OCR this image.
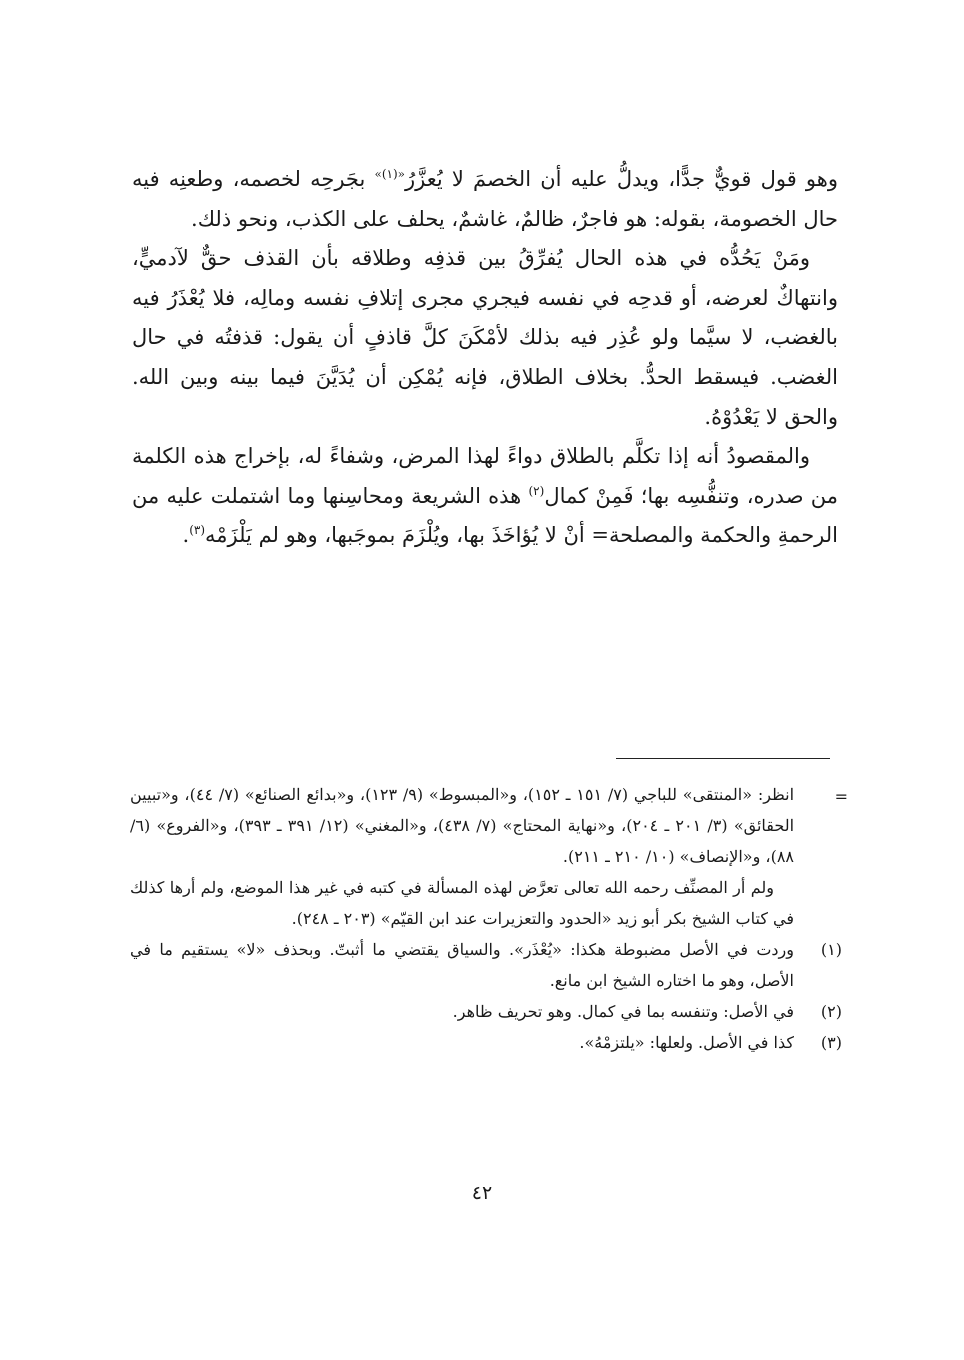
وهو قول قويٌّ جدًّا، ويدلُّ عليه أن الخصمَ لا يُعزَّرُ$^{«(١)»}$ بجَرحِه لخصمه، وطعنِه فيه حال الخصومة، بقوله: هو فاجرٌ، ظالمٌ، غاشمٌ، يحلف على الكذب، ونحو ذلك.

ومَنْ يَحُدُّه في هذه الحال يُفرِّقُ بين قذفِه وطلاقه بأن القذف حقٌّ لآدميٍّ، وانتهاكٌ لعرضه، أو قدحِه في نفسه فيجري مجرى إتلافِ نفسه ومالِه، فلا يُعْذَرُ فيه بالغضب، لا سيَّما ولو عُذِر فيه بذلك لأمْكَنَ كلَّ قاذفٍ أن يقول: قذفتُه في حال الغضب. فيسقط الحدُّ. بخلاف الطلاق، فإنه يُمْكِن أن يُدَيَّنَ فيما بينه وبين الله. والحق لا يَعْدُوْهُ.

والمقصودُ أنه إذا تكلَّم بالطلاق دواءً لهذا المرض، وشفاءً له، بإخراج هذه الكلمة من صدره، وتنفُّسِه بها؛ فَمِنْ كمال$^{(٢)}$ هذه الشريعة ومحاسِنها وما اشتملت عليه من الرحمةِ والحكمة والمصلحة= أنْ لا يُؤاخَذَ بها، ويُلْزَمَ بموجَبها، وهو لم يَلْزَمْه$^{(٣)}$.

=

انظر: «المنتقى» للباجي (٧/ ١٥١ ـ ١٥٢)، و«المبسوط» (٩/ ١٢٣)، و«بدائع الصنائع» (٧/ ٤٤)، و«تبيين الحقائق» (٣/ ٢٠١ ـ ٢٠٤)، و«نهاية المحتاج» (٧/ ٤٣٨)، و«المغني» (١٢/ ٣٩١ ـ ٣٩٣)، و«الفروع» (٦/ ٨٨)، و«الإنصاف» (١٠/ ٢١٠ ـ ٢١١).

ولم أر المصنِّف رحمه الله تعالى تعرَّض لهذه المسألة في كتبه في غير هذا الموضع، ولم أرها كذلك في كتاب الشيخ بكر أبو زيد «الحدود والتعزيرات عند ابن القيّم» (٢٠٣ ـ ٢٤٨).

(١)
وردت في الأصل مضبوطة هكذا: «يُعْذَر». والسياق يقتضي ما أثبتّ. وبحذف «لا» يستقيم ما في الأصل، وهو ما اختاره الشيخ ابن مانع.
(٢)
في الأصل: وتنفسه بما في كمال. وهو تحريف ظاهر.
(٣)
كذا في الأصل. ولعلها: «يلتزمْهُ».
٤٢
